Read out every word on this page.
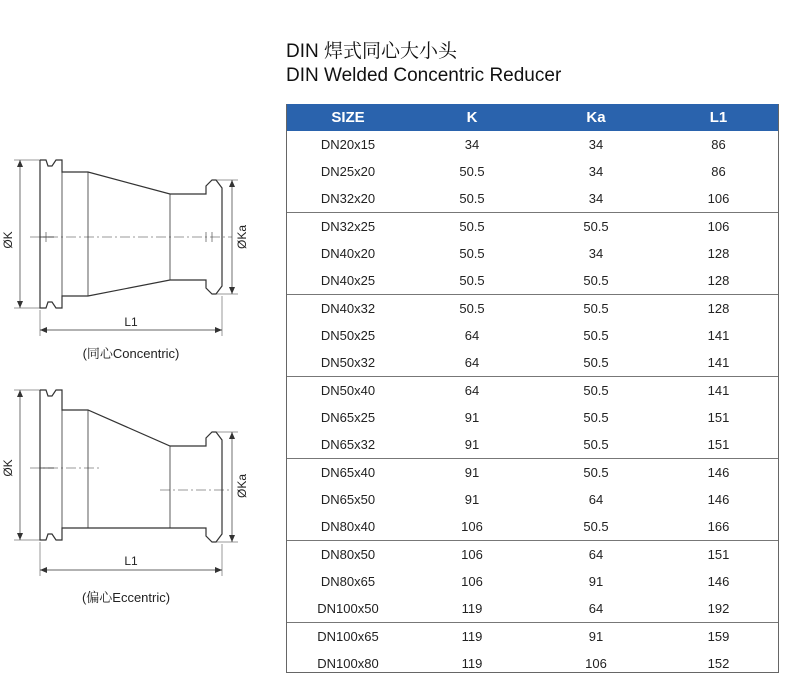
DIN 焊式同心大小头
DIN Welded Concentric Reducer
SIZE	K	Ka	L1
DN20x15	34	34	86
DN25x20	50.5	34	86
DN32x20	50.5	34	106
DN32x25	50.5	50.5	106
DN40x20	50.5	34	128
DN40x25	50.5	50.5	128
DN40x32	50.5	50.5	128
DN50x25	64	50.5	141
DN50x32	64	50.5	141
DN50x40	64	50.5	141
DN65x25	91	50.5	151
DN65x32	91	50.5	151
DN65x40	91	50.5	146
DN65x50	91	64	146
DN80x40	106	50.5	166
DN80x50	106	64	151
DN80x65	106	91	146
DN100x50	119	64	192
DN100x65	119	91	159
DN100x80	119	106	152
ØK	ØKa
L1
(同心Concentric)
ØK
ØKa
L1
(偏心Eccentric)
